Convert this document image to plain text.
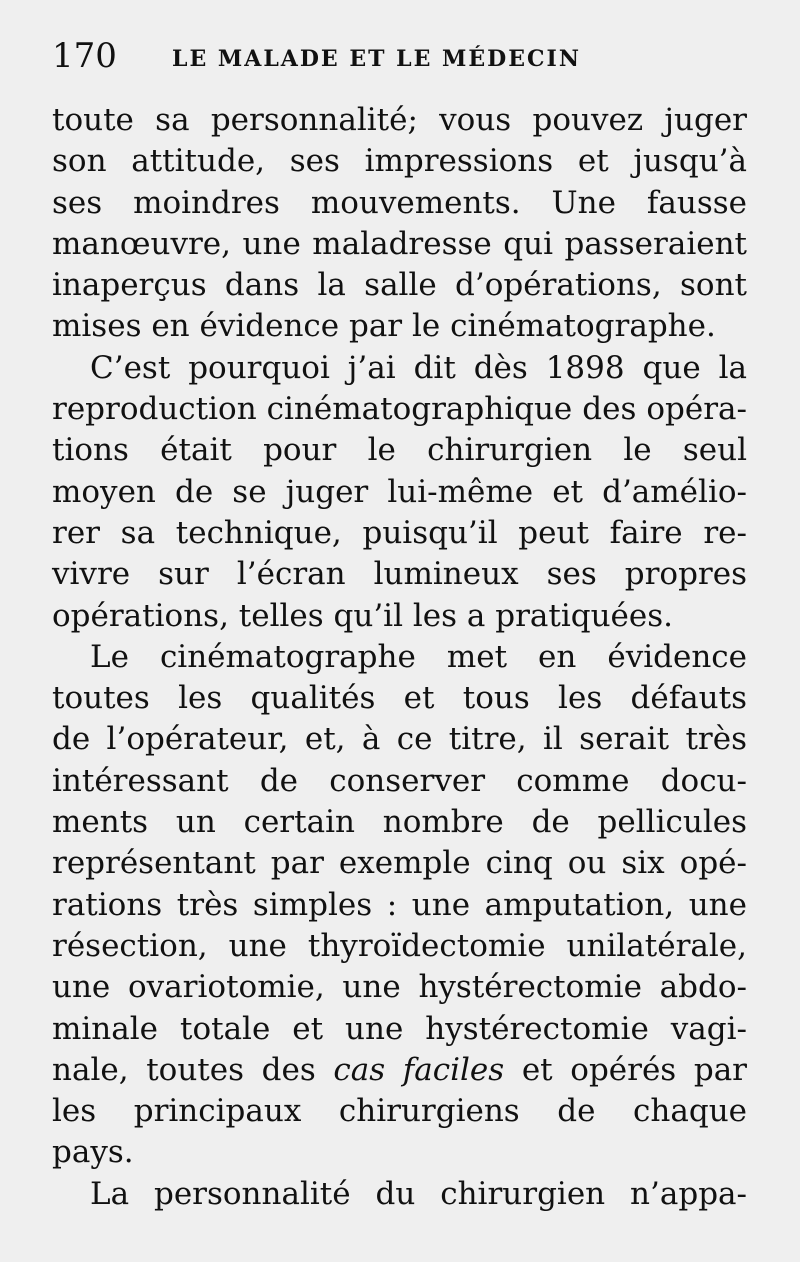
170	LE MALADE ET LE MÉDECIN
toute sa personnalité; vous pouvez juger
son attitude, ses impressions et jusqu’à
ses moindres mouvements. Une fausse
manœuvre, une maladresse qui passeraient
inaperçus dans la salle d’opérations, sont
mises en évidence par le cinématographe.
C’est pourquoi j’ai dit dès 1898 que la
reproduction cinématographique des opéra-
tions était pour le chirurgien le seul
moyen de se juger lui-même et d’amélio-
rer sa technique, puisqu’il peut faire re-
vivre sur l’écran lumineux ses propres
opérations, telles qu’il les a pratiquées.
Le cinématographe met en évidence
toutes les qualités et tous les défauts
de l’opérateur, et, à ce titre, il serait très
intéressant de conserver comme docu-
ments un certain nombre de pellicules
représentant par exemple cinq ou six opé-
rations très simples : une amputation, une
résection, une thyroïdectomie unilatérale,
une ovariotomie, une hystérectomie abdo-
minale totale et une hystérectomie vagi-
nale, toutes des cas faciles et opérés par
les principaux chirurgiens de chaque
pays.
La personnalité du chirurgien n’appa-
